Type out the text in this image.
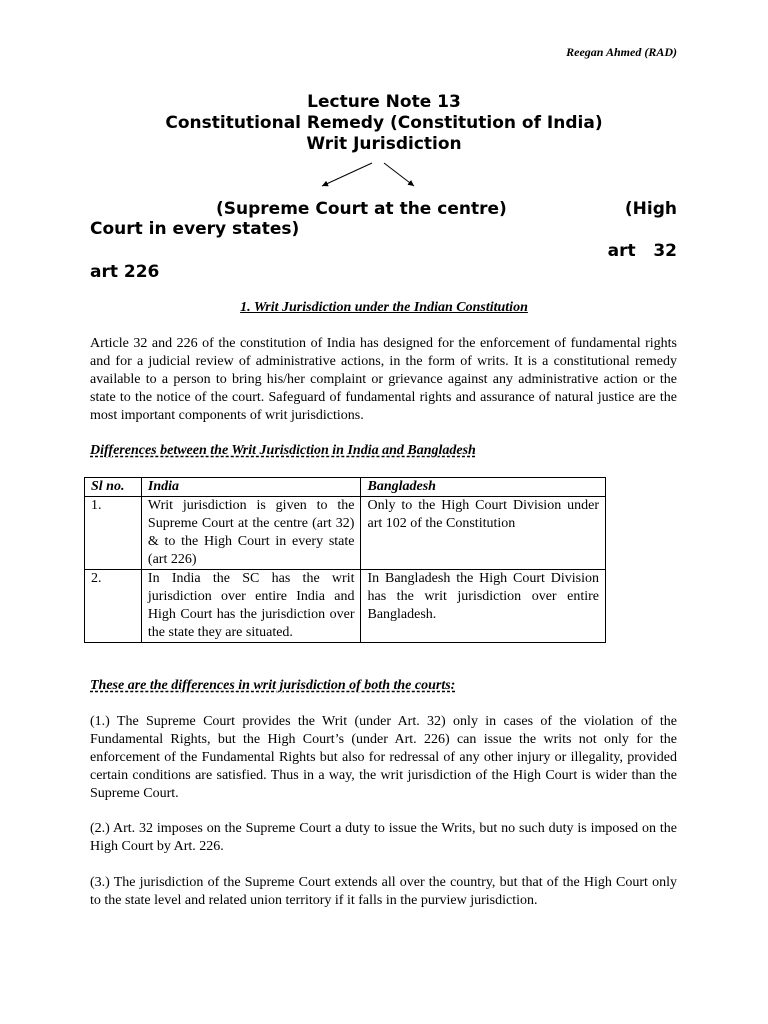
Reegan Ahmed (RAD)
Lecture Note 13
Constitutional Remedy (Constitution of India)
Writ Jurisdiction
(Supreme Court at the centre)	(High
Court in every states)
art   32
art 226
1. Writ Jurisdiction under the Indian Constitution

Article 32 and 226 of the constitution of India has designed for the enforcement of fundamental rights and for a judicial review of administrative actions, in the form of writs. It is a constitutional remedy available to a person to bring his/her complaint or grievance against any administrative action or the state to the notice of the court. Safeguard of fundamental rights and assurance of natural justice are the most important components of writ jurisdictions.

Differences between the Writ Jurisdiction in India and Bangladesh
Sl no.	India	Bangladesh
1.	Writ jurisdiction is given to the Supreme Court at the centre (art 32) & to the High Court in every state (art 226)	Only to the High Court Division under art 102 of the Constitution
2.	In India the SC has the writ jurisdiction over entire India and High Court has the jurisdiction over the state they are situated.	In Bangladesh the High Court Division has the writ jurisdiction over entire Bangladesh.
These are the differences in writ jurisdiction of both the courts:

(1.) The Supreme Court provides the Writ (under Art. 32) only in cases of the violation of the Fundamental Rights, but the High Court’s (under Art. 226) can issue the writs not only for the enforcement of the Fundamental Rights but also for redressal of any other injury or illegality, provided certain conditions are satisfied. Thus in a way, the writ jurisdiction of the High Court is wider than the Supreme Court.

(2.) Art. 32 imposes on the Supreme Court a duty to issue the Writs, but no such duty is imposed on the High Court by Art. 226.

(3.) The jurisdiction of the Supreme Court extends all over the country, but that of the High Court only to the state level and related union territory if it falls in the purview jurisdiction.
